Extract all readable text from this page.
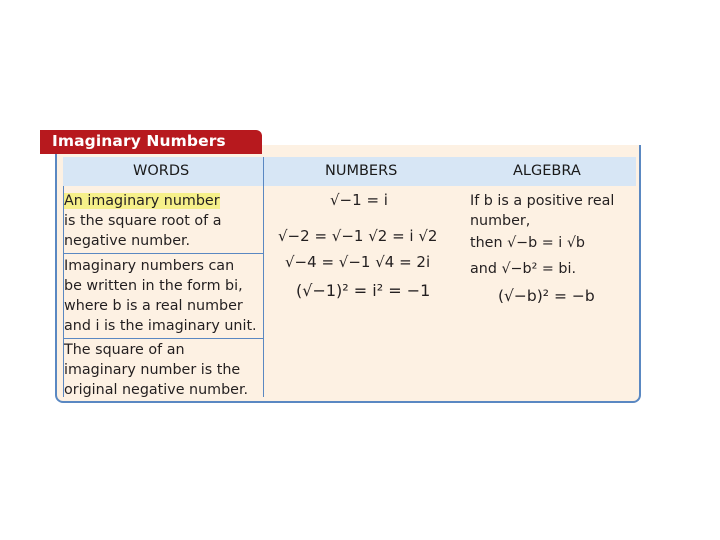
Imaginary Numbers
WORDS	NUMBERS	ALGEBRA
An imaginary number
is the square root of a
negative number.
Imaginary numbers can
be written in the form bi,
where b is a real number
and i is the imaginary unit.
The square of an
imaginary number is the
original negative number.
√−1 = i
√−2 = √−1 √2 = i √2
√−4 = √−1 √4 = 2i
(√−1)² = i² = −1
If b is a positive real
number,
then √−b = i √b
and √−b² = bi.
(√−b)² = −b
